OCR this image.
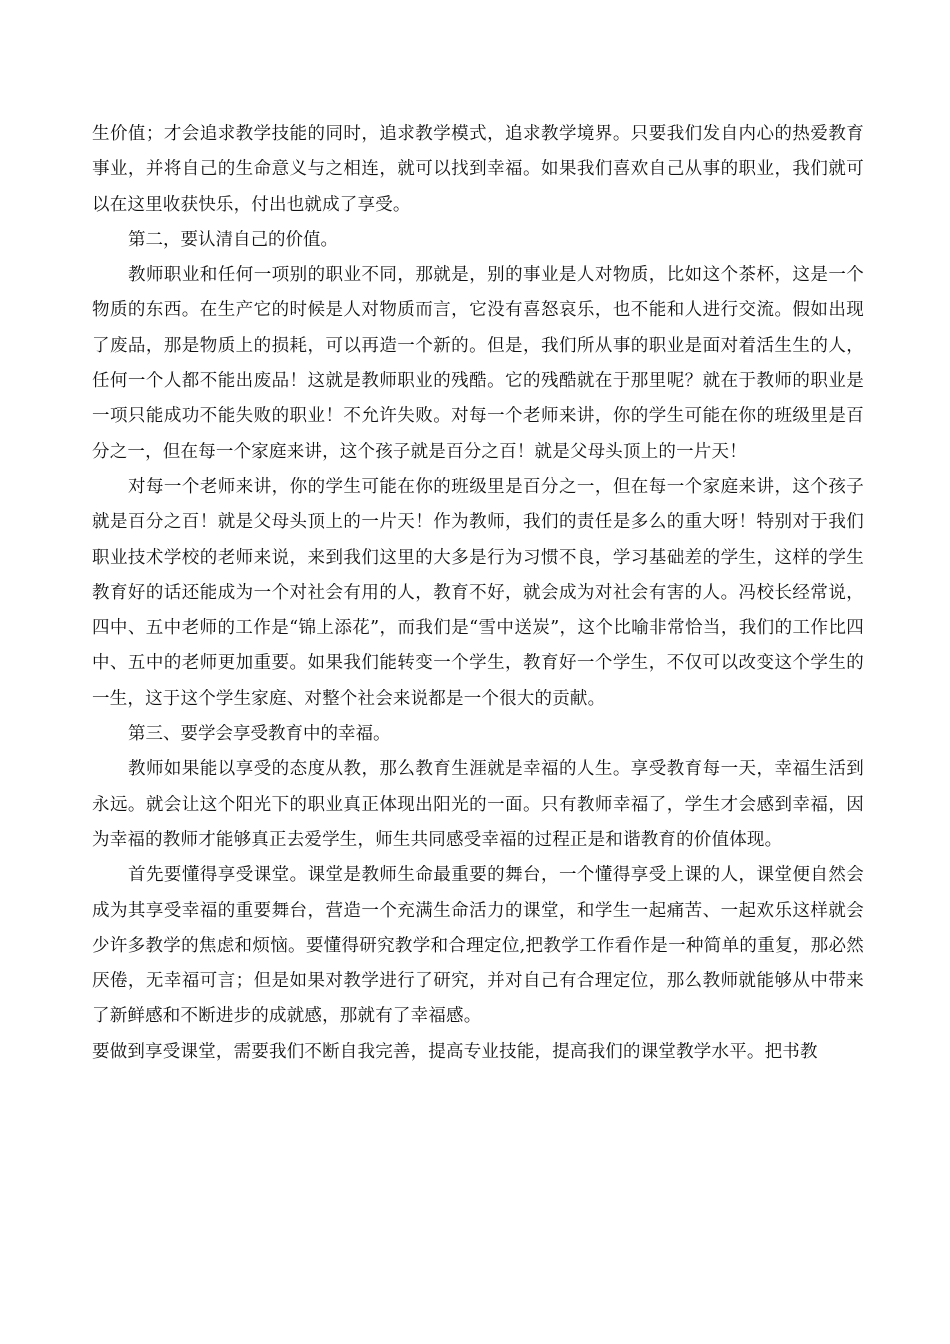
生价值；才会追求教学技能的同时，追求教学模式，追求教学境界。只要我们发自内心的热爱教育事业，并将自己的生命意义与之相连，就可以找到幸福。如果我们喜欢自己从事的职业，我们就可以在这里收获快乐，付出也就成了享受。

第二，要认清自己的价值。

教师职业和任何一项别的职业不同，那就是，别的事业是人对物质，比如这个茶杯，这是一个物质的东西。在生产它的时候是人对物质而言，它没有喜怒哀乐，也不能和人进行交流。假如出现了废品，那是物质上的损耗，可以再造一个新的。但是，我们所从事的职业是面对着活生生的人，任何一个人都不能出废品！这就是教师职业的残酷。它的残酷就在于那里呢？就在于教师的职业是一项只能成功不能失败的职业！不允许失败。对每一个老师来讲，你的学生可能在你的班级里是百分之一，但在每一个家庭来讲，这个孩子就是百分之百！就是父母头顶上的一片天！

对每一个老师来讲，你的学生可能在你的班级里是百分之一，但在每一个家庭来讲，这个孩子就是百分之百！就是父母头顶上的一片天！作为教师，我们的责任是多么的重大呀！特别对于我们职业技术学校的老师来说，来到我们这里的大多是行为习惯不良，学习基础差的学生，这样的学生教育好的话还能成为一个对社会有用的人，教育不好，就会成为对社会有害的人。冯校长经常说，四中、五中老师的工作是“锦上添花”，而我们是“雪中送炭”，这个比喻非常恰当，我们的工作比四中、五中的老师更加重要。如果我们能转变一个学生，教育好一个学生，不仅可以改变这个学生的一生，这于这个学生家庭、对整个社会来说都是一个很大的贡献。

第三、要学会享受教育中的幸福。

教师如果能以享受的态度从教，那么教育生涯就是幸福的人生。享受教育每一天，幸福生活到永远。就会让这个阳光下的职业真正体现出阳光的一面。只有教师幸福了，学生才会感到幸福，因为幸福的教师才能够真正去爱学生，师生共同感受幸福的过程正是和谐教育的价值体现。

首先要懂得享受课堂。课堂是教师生命最重要的舞台，一个懂得享受上课的人，课堂便自然会成为其享受幸福的重要舞台，营造一个充满生命活力的课堂，和学生一起痛苦、一起欢乐这样就会少许多教学的焦虑和烦恼。要懂得研究教学和合理定位,把教学工作看作是一种简单的重复，那必然厌倦，无幸福可言；但是如果对教学进行了研究，并对自己有合理定位，那么教师就能够从中带来了新鲜感和不断进步的成就感，那就有了幸福感。

要做到享受课堂，需要我们不断自我完善，提高专业技能，提高我们的课堂教学水平。把书教
